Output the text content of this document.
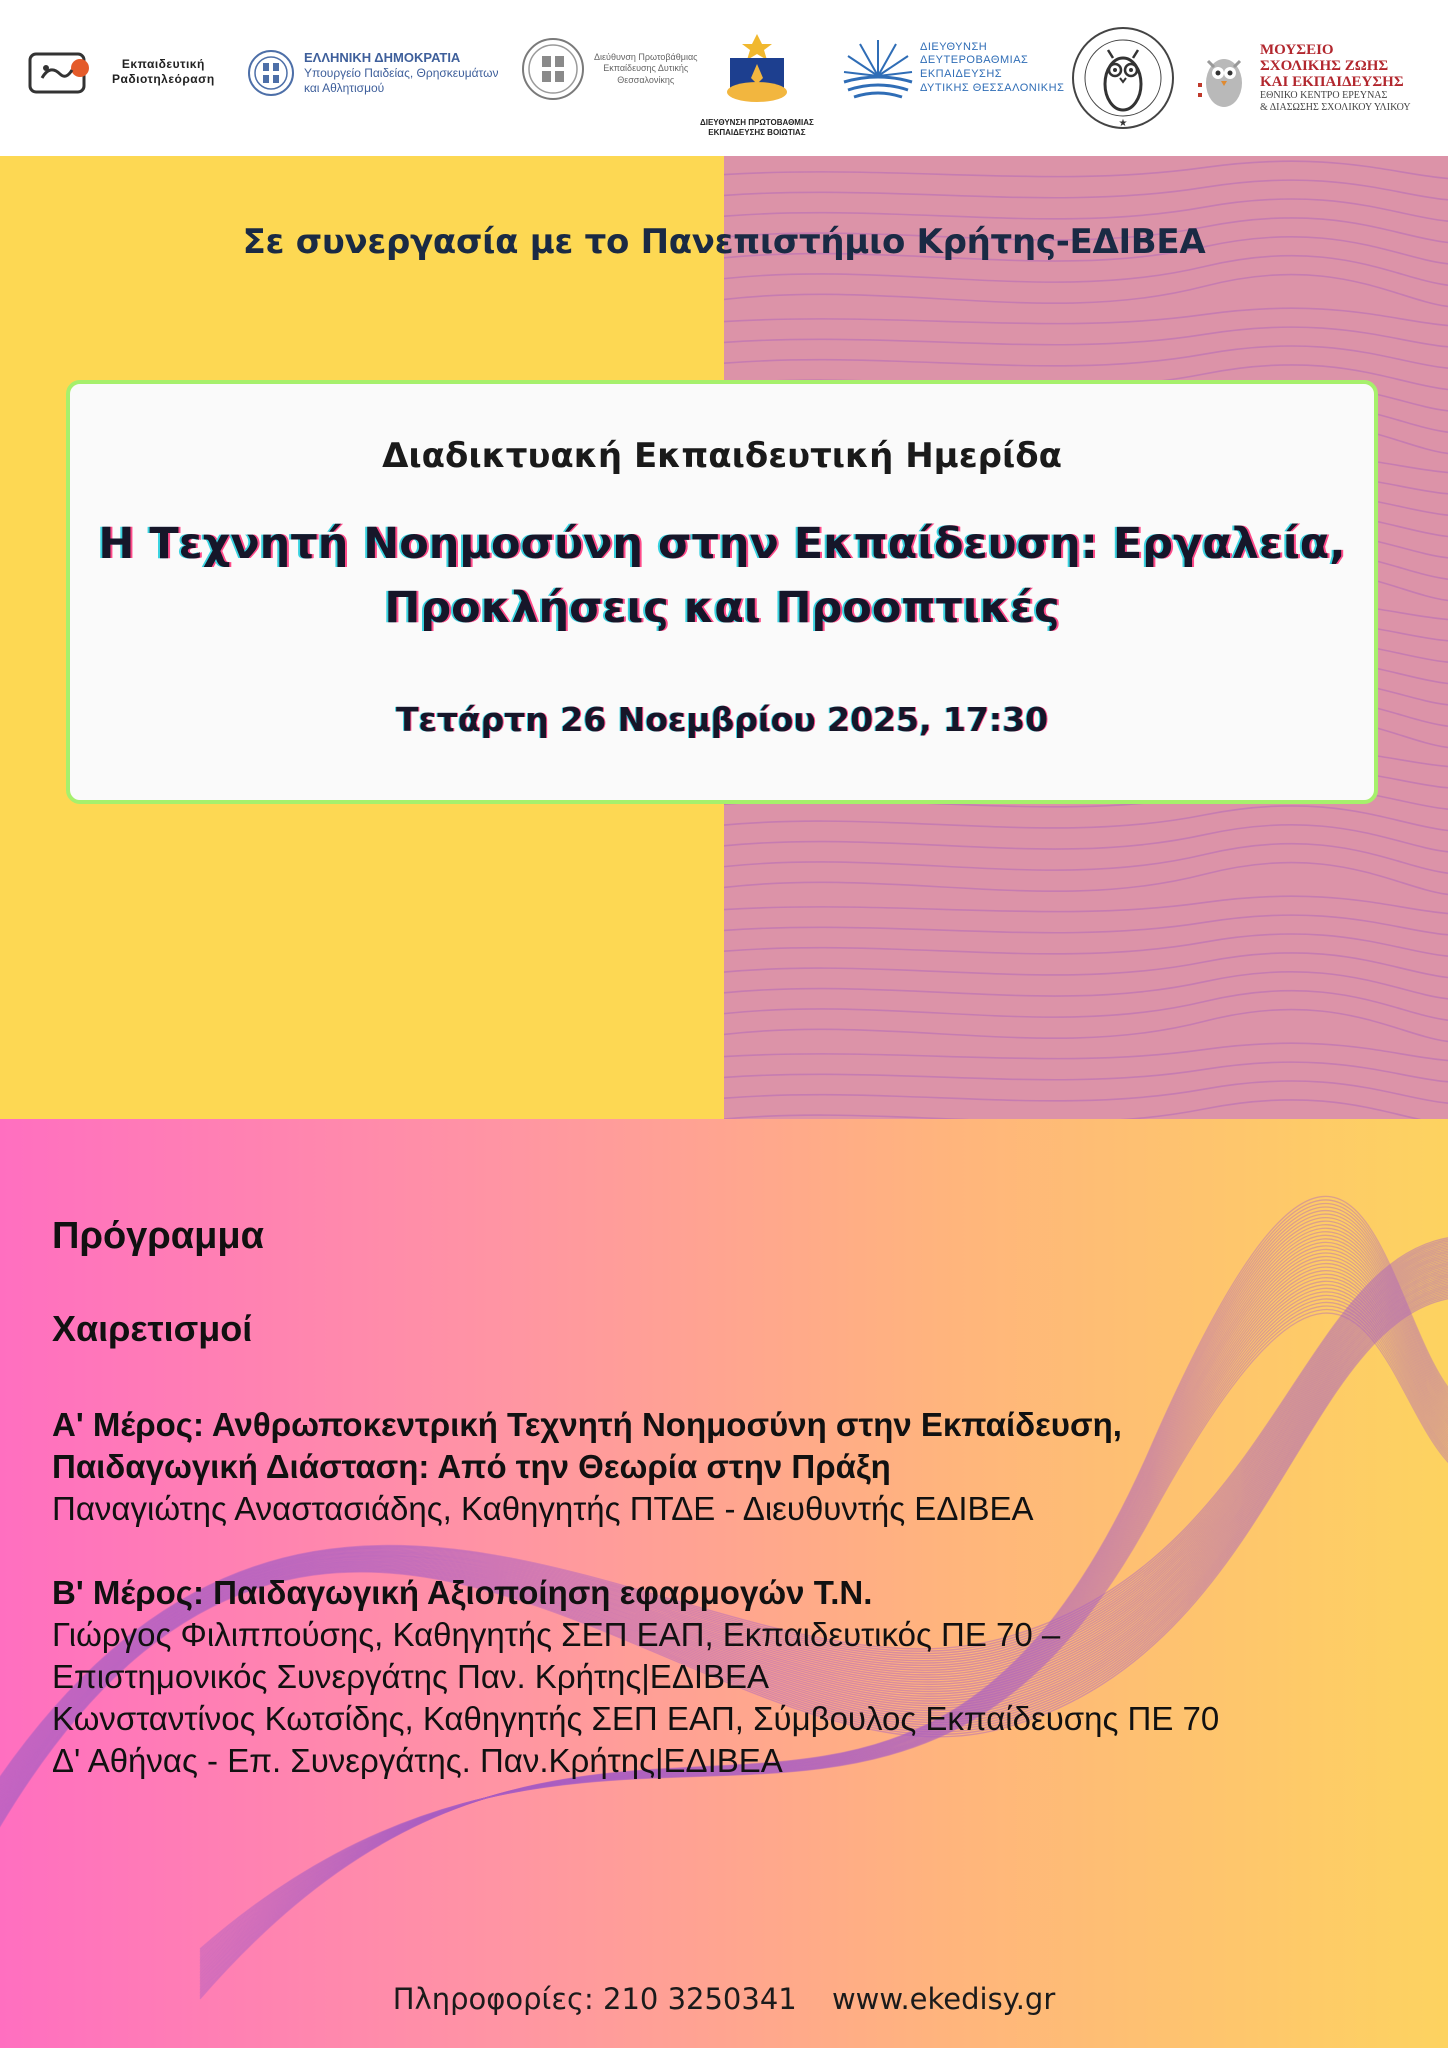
Εκπαιδευτική
Ραδιοτηλεόραση
ΕΛΛΗΝΙΚΗ ΔΗΜΟΚΡΑΤΙΑ
Υπουργείο Παιδείας, Θρησκευμάτων
και Αθλητισμού
Διεύθυνση Πρωτοβάθμιας
Εκπαίδευσης Δυτικής
Θεσσαλονίκης
ΔΙΕΥΘΥΝΣΗ ΠΡΩΤΟΒΑΘΜΙΑΣ
ΕΚΠΑΙΔΕΥΣΗΣ ΒΟΙΩΤΙΑΣ
ΔΙΕΥΘΥΝΣΗ
ΔΕΥΤΕΡΟΒΑΘΜΙΑΣ
ΕΚΠΑΙΔΕΥΣΗΣ
ΔΥΤΙΚΗΣ ΘΕΣΣΑΛΟΝΙΚΗΣ
★
ΜΟΥΣΕΙΟ
ΣΧΟΛΙΚΗΣ ΖΩΗΣ
ΚΑΙ ΕΚΠΑΙΔΕΥΣΗΣ
ΕΘΝΙΚΟ ΚΕΝΤΡΟ ΕΡΕΥΝΑΣ
& ΔΙΑΣΩΣΗΣ ΣΧΟΛΙΚΟΥ ΥΛΙΚΟΥ
Σε συνεργασία με το Πανεπιστήμιο Κρήτης-ΕΔΙΒΕΑ
Διαδικτυακή Εκπαιδευτική Ημερίδα
Η Τεχνητή Νοημοσύνη στην Εκπαίδευση: Εργαλεία,
Προκλήσεις και Προοπτικές
Τετάρτη 26 Νοεμβρίου 2025, 17:30
Πρόγραμμα
Χαιρετισμοί
Α' Μέρος: Ανθρωποκεντρική Τεχνητή Νοημοσύνη στην Εκπαίδευση,
Παιδαγωγική Διάσταση: Από την Θεωρία στην Πράξη
Παναγιώτης Αναστασιάδης, Καθηγητής ΠΤΔΕ - Διευθυντής ΕΔΙΒΕΑ
Β' Μέρος: Παιδαγωγική Αξιοποίηση εφαρμογών Τ.Ν.
Γιώργος Φιλιππούσης, Καθηγητής ΣΕΠ ΕΑΠ, Εκπαιδευτικός ΠΕ 70 –
Επιστημονικός Συνεργάτης Παν. Κρήτης|ΕΔΙΒΕΑ
Κωνσταντίνος Κωτσίδης, Καθηγητής ΣΕΠ ΕΑΠ, Σύμβουλος Εκπαίδευσης ΠΕ 70
Δ' Αθήνας - Επ. Συνεργάτης. Παν.Κρήτης|ΕΔΙΒΕΑ
Πληροφορίες: 210 3250341 www.ekedisy.gr
